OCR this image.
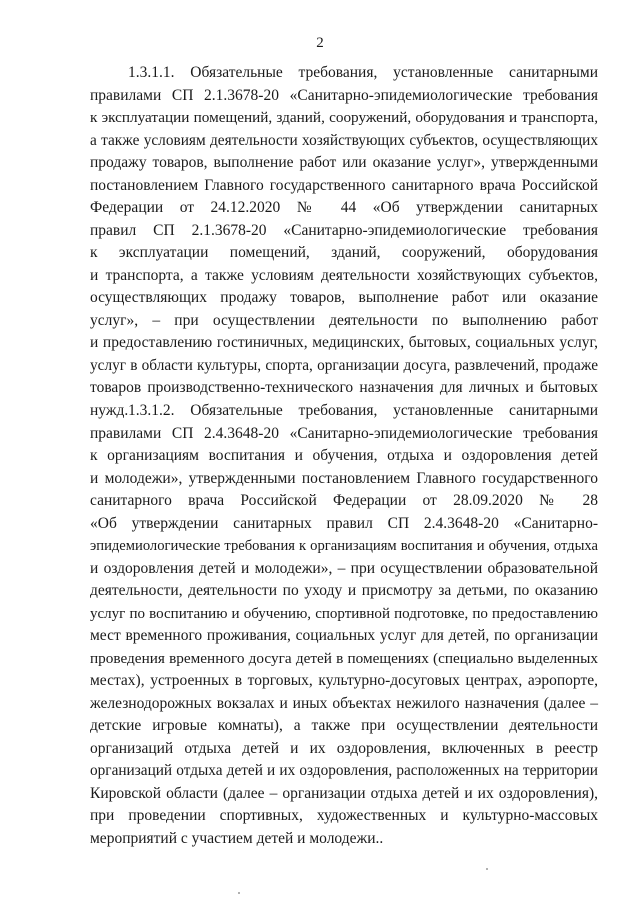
2
1.3.1.1. Обязательные требования, установленные санитарными
правилами СП 2.1.3678-20 «Санитарно-эпидемиологические требования
к эксплуатации помещений, зданий, сооружений, оборудования и транспорта,
а также условиям деятельности хозяйствующих субъектов, осуществляющих
продажу товаров, выполнение работ или оказание услуг», утвержденными
постановлением Главного государственного санитарного врача Российской
Федерации от 24.12.2020 № 44 «Об утверждении санитарных
правил СП 2.1.3678-20 «Санитарно-эпидемиологические требования
к эксплуатации помещений, зданий, сооружений, оборудования
и транспорта, а также условиям деятельности хозяйствующих субъектов,
осуществляющих продажу товаров, выполнение работ или оказание
услуг», – при осуществлении деятельности по выполнению работ
и предоставлению гостиничных, медицинских, бытовых, социальных услуг,
услуг в области культуры, спорта, организации досуга, развлечений, продаже
товаров производственно-технического назначения для личных и бытовых
нужд. 1.3.1.2. Обязательные требования, установленные санитарными
правилами СП 2.4.3648-20 «Санитарно-эпидемиологические требования
к организациям воспитания и обучения, отдыха и оздоровления детей
и молодежи», утвержденными постановлением Главного государственного
санитарного врача Российской Федерации от 28.09.2020 № 28
«Об утверждении санитарных правил СП 2.4.3648-20 «Санитарно-
эпидемиологические требования к организациям воспитания и обучения, отдыха
и оздоровления детей и молодежи», – при осуществлении образовательной
деятельности, деятельности по уходу и присмотру за детьми, по оказанию
услуг по воспитанию и обучению, спортивной подготовке, по предоставлению
мест временного проживания, социальных услуг для детей, по организации
проведения временного досуга детей в помещениях (специально выделенных
местах), устроенных в торговых, культурно-досуговых центрах, аэропорте,
железнодорожных вокзалах и иных объектах нежилого назначения (далее –
детские игровые комнаты), а также при осуществлении деятельности
организаций отдыха детей и их оздоровления, включенных в реестр
организаций отдыха детей и их оздоровления, расположенных на территории
Кировской области (далее – организации отдыха детей и их оздоровления),
при проведении спортивных, художественных и культурно-массовых
мероприятий с участием детей и молодежи..
